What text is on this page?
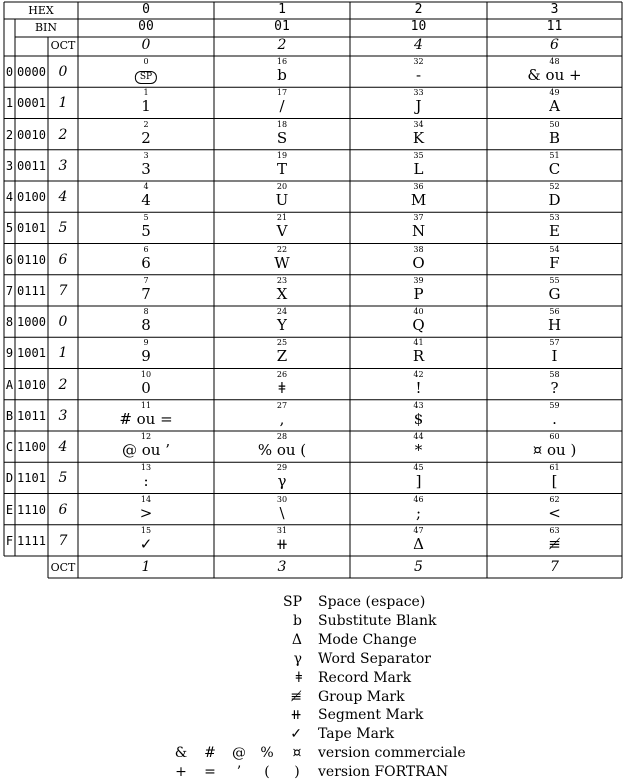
HEX
BIN
OCT
OCT
0
00
0
1
1
01
2
3
2
10
4
5
3
11
6
7
0 0000 0
0
SP
16
b
32
-
48
& ou +
1 0001 1
1
1
17
/
33
J
49
A
2 0010 2
2
2
18
S
34
K
50
B
3 0011 3
3
3
19
T
35
L
51
C
4 0100 4
4
4
20
U
36
M
52
D
5 0101 5
5
5
21
V
37
N
53
E
6 0110 6
6
6
22
W
38
O
54
F
7 0111 7
7
7
23
X
39
P
55
G
8 1000 0
8
8
24
Y
40
Q
56
H
9 1001 1
9
9
25
Z
41
R
57
I
A 1010 2
10
0
26
ǂ
42
!
58
?
B 1011 3
11
# ou =
27
,
43
$
59
.
C 1100 4
12
@ ou ’
28
% ou (
44
*
60
¤ ou )
D 1101 5
13
:
29
γ
45
]
61
[
E 1110 6
14
>
30
\
46
;
62
<
F 1111 7
15
✓
31
⧺
47
Δ
63
≢
SP Space (espace)
b Substitute Blank
Δ Mode Change
γ Word Separator
ǂ Record Mark
≢ Group Mark
⧺ Segment Mark
✓ Tape Mark
& # @ % ¤ version commerciale
+ = ’ ( ) version FORTRAN
